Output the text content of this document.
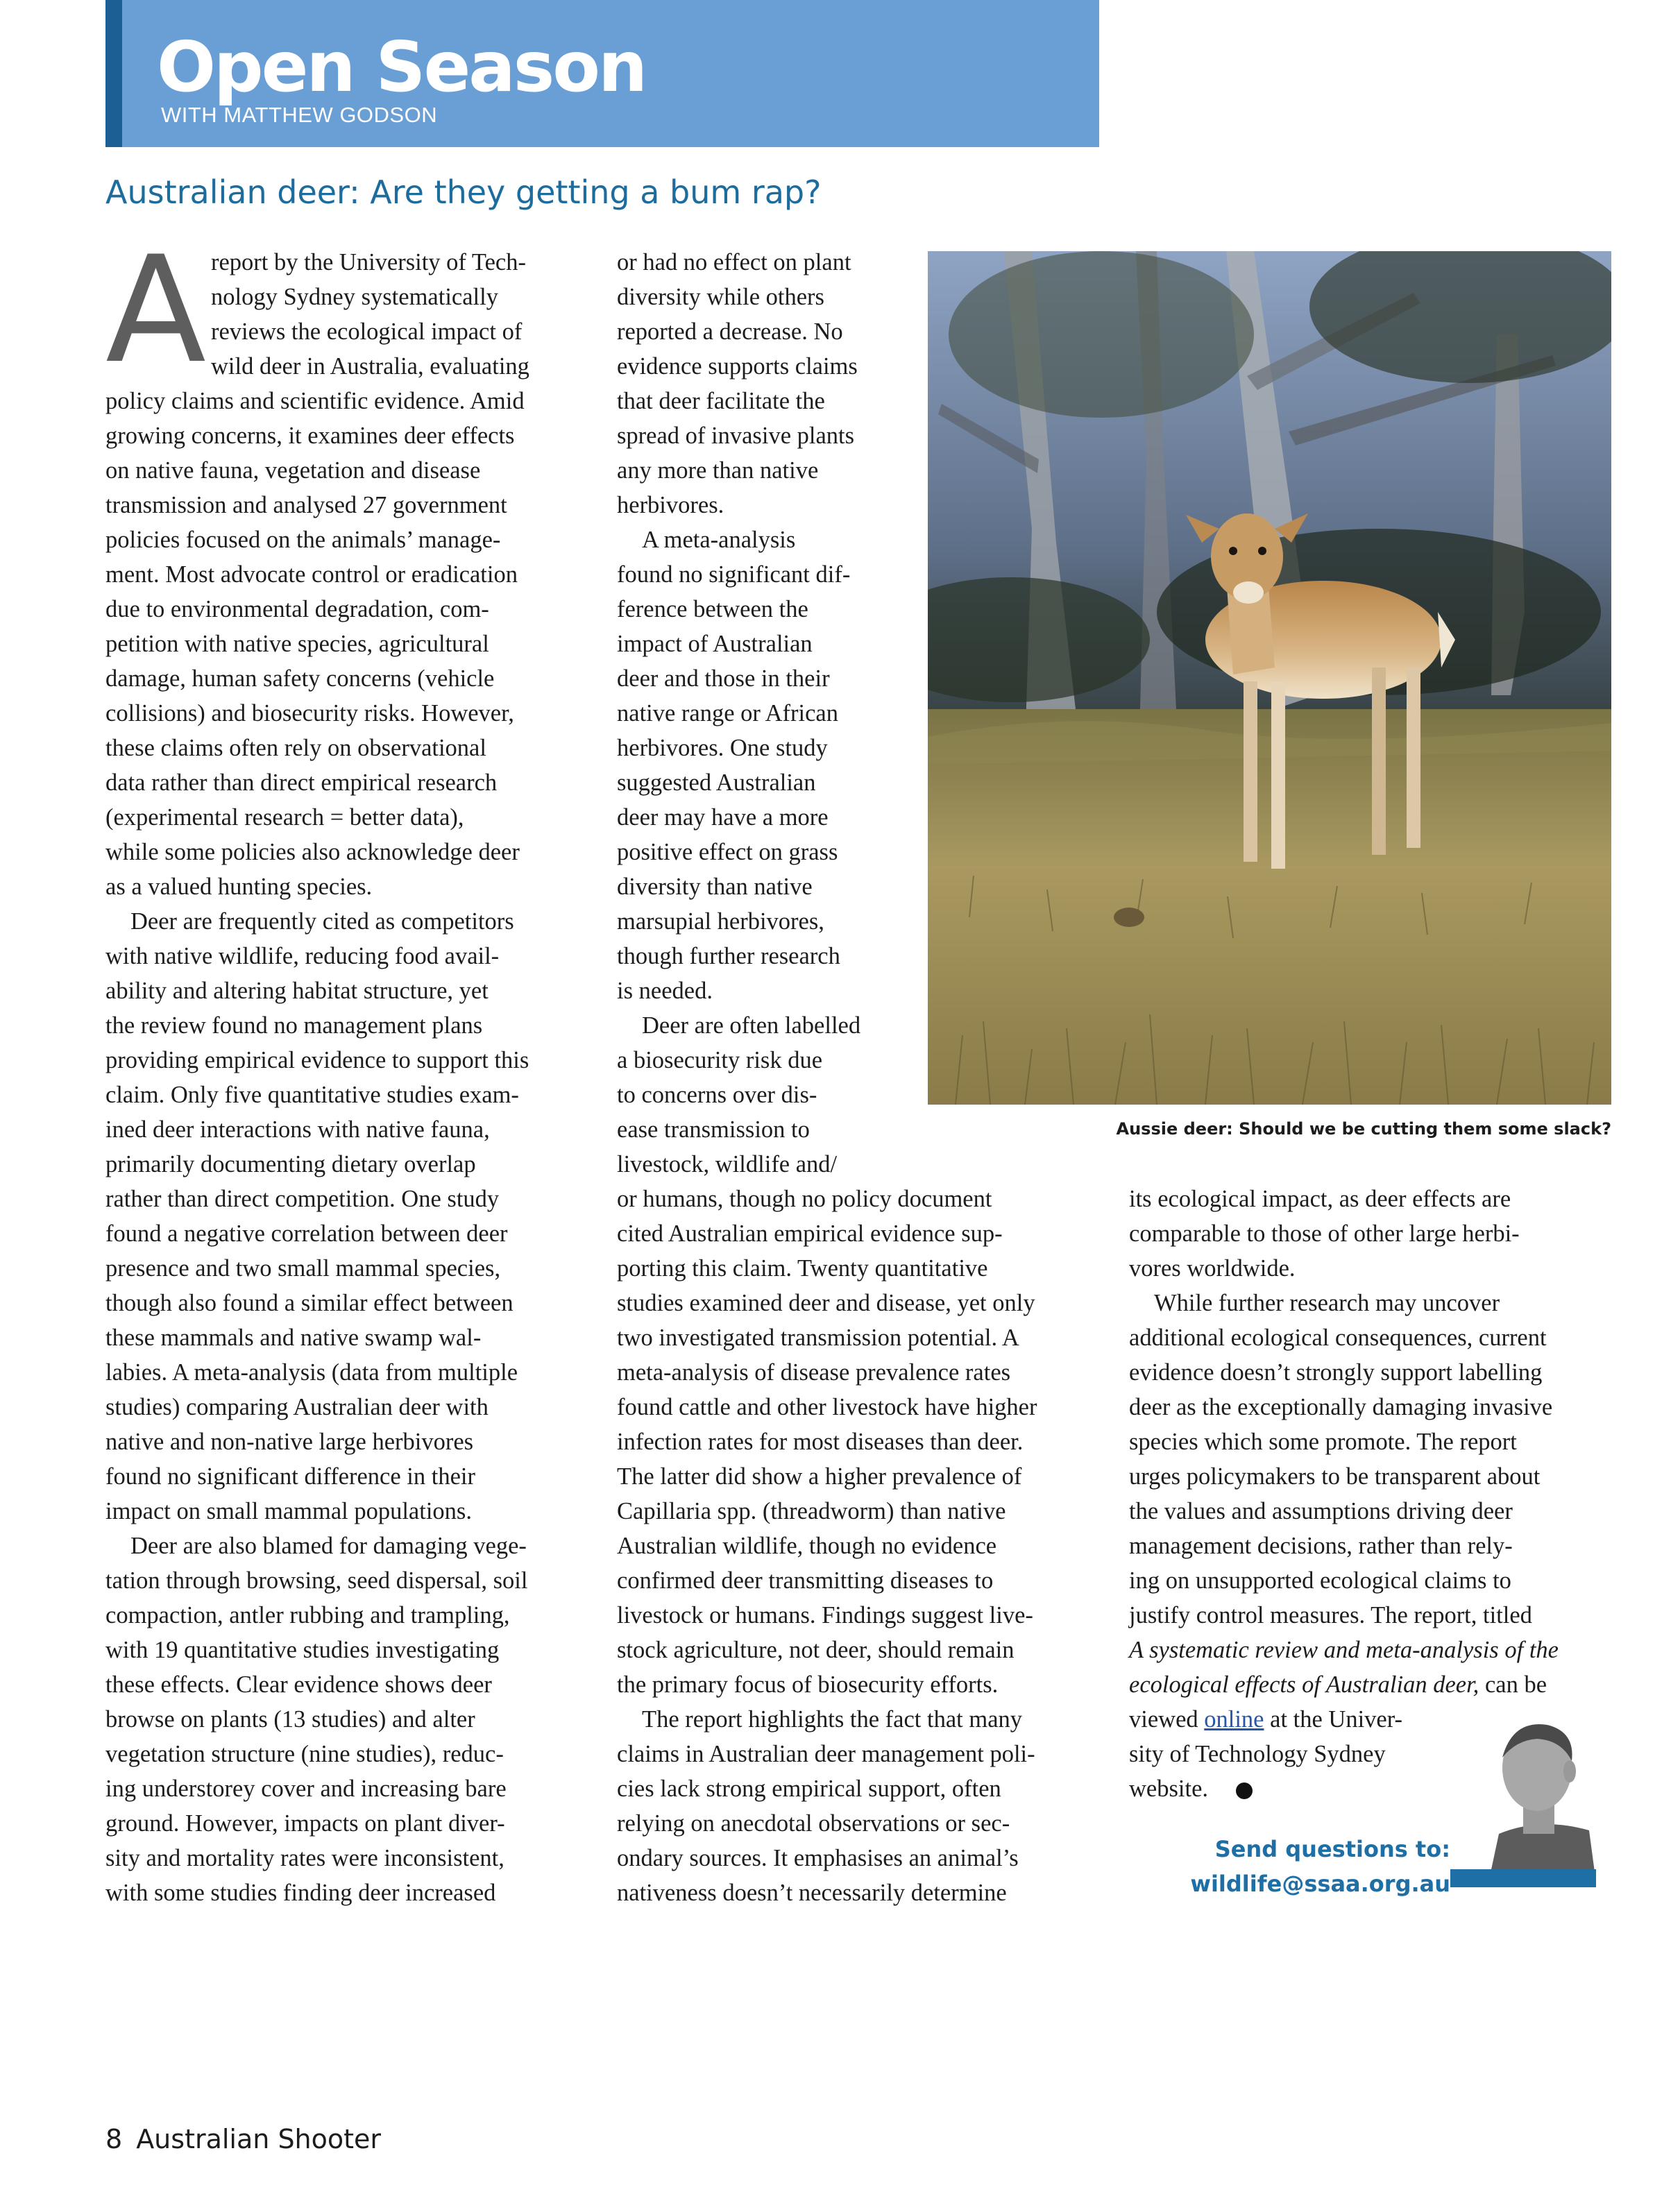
Open Season
WITH MATTHEW GODSON
Australian deer: Are they getting a bum rap?
A report by the University of Tech-
nology Sydney systematically
reviews the ecological impact of
wild deer in Australia, evaluating
policy claims and scientific evidence. Amid
growing concerns, it examines deer effects
on native fauna, vegetation and disease
transmission and analysed 27 government
policies focused on the animals’ manage-
ment. Most advocate control or eradication
due to environmental degradation, com-
petition with native species, agricultural
damage, human safety concerns (vehicle
collisions) and biosecurity risks. However,
these claims often rely on observational
data rather than direct empirical research
(experimental research = better data),
while some policies also acknowledge deer
as a valued hunting species.
Deer are frequently cited as competitors
with native wildlife, reducing food avail-
ability and altering habitat structure, yet
the review found no management plans
providing empirical evidence to support this
claim. Only five quantitative studies exam-
ined deer interactions with native fauna,
primarily documenting dietary overlap
rather than direct competition. One study
found a negative correlation between deer
presence and two small mammal species,
though also found a similar effect between
these mammals and native swamp wal-
labies. A meta-analysis (data from multiple
studies) comparing Australian deer with
native and non-native large herbivores
found no significant difference in their
impact on small mammal populations.
Deer are also blamed for damaging vege-
tation through browsing, seed dispersal, soil
compaction, antler rubbing and trampling,
with 19 quantitative studies investigating
these effects. Clear evidence shows deer
browse on plants (13 studies) and alter
vegetation structure (nine studies), reduc-
ing understorey cover and increasing bare
ground. However, impacts on plant diver-
sity and mortality rates were inconsistent,
with some studies finding deer increased
or had no effect on plant
diversity while others
reported a decrease. No
evidence supports claims
that deer facilitate the
spread of invasive plants
any more than native
herbivores.
A meta-analysis
found no significant dif-
ference between the
impact of Australian
deer and those in their
native range or African
herbivores. One study
suggested Australian
deer may have a more
positive effect on grass
diversity than native
marsupial herbivores,
though further research
is needed.
Deer are often labelled
a biosecurity risk due
to concerns over dis-
ease transmission to
livestock, wildlife and/
or humans, though no policy document
cited Australian empirical evidence sup-
porting this claim. Twenty quantitative
studies examined deer and disease, yet only
two investigated transmission potential. A
meta-analysis of disease prevalence rates
found cattle and other livestock have higher
infection rates for most diseases than deer.
The latter did show a higher prevalence of
Capillaria spp. (threadworm) than native
Australian wildlife, though no evidence
confirmed deer transmitting diseases to
livestock or humans. Findings suggest live-
stock agriculture, not deer, should remain
the primary focus of biosecurity efforts.
The report highlights the fact that many
claims in Australian deer management poli-
cies lack strong empirical support, often
relying on anecdotal observations or sec-
ondary sources. It emphasises an animal’s
nativeness doesn’t necessarily determine
its ecological impact, as deer effects are
comparable to those of other large herbi-
vores worldwide.
While further research may uncover
additional ecological consequences, current
evidence doesn’t strongly support labelling
deer as the exceptionally damaging invasive
species which some promote. The report
urges policymakers to be transparent about
the values and assumptions driving deer
management decisions, rather than rely-
ing on unsupported ecological claims to
justify control measures. The report, titled
A systematic review and meta-analysis of the
ecological effects of Australian deer, can be
viewed online at the Univer-
sity of Technology Sydney
website.
Aussie deer: Should we be cutting them some slack?
Send questions to:
wildlife@ssaa.org.au
8 Australian Shooter
